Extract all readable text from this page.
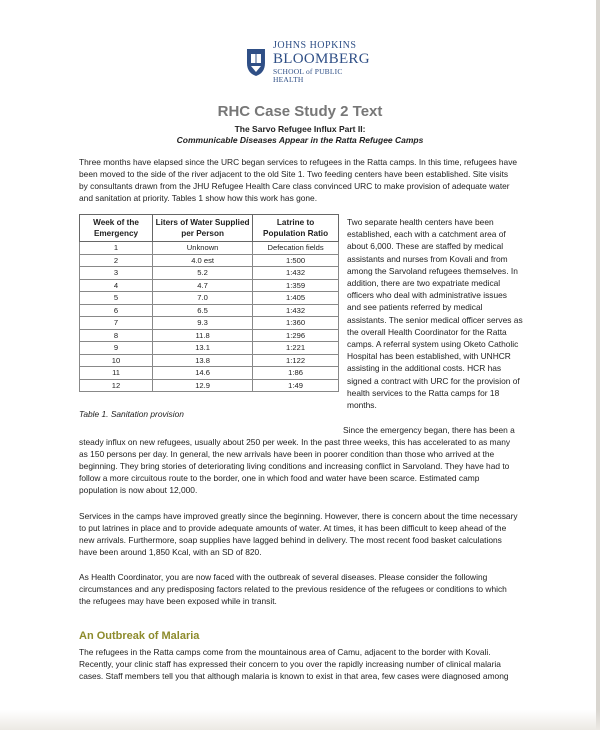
JOHNS HOPKINS
BLOOMBERG
SCHOOL of PUBLIC HEALTH
RHC Case Study 2 Text
The Sarvo Refugee Influx Part II:
Communicable Diseases Appear in the Ratta Refugee Camps

Three months have elapsed since the URC began services to refugees in the Ratta camps. In this time, refugees have been moved to the side of the river adjacent to the old Site 1. Two feeding centers have been established. Site visits by consultants drawn from the JHU Refugee Health Care class convinced URC to make provision of adequate water and sanitation at priority. Tables 1 show how this work has gone.

Week of the Emergency	Liters of Water Supplied per Person	Latrine to Population Ratio
1	Unknown	Defecation fields
2	4.0 est	1:500
3	5.2	1:432
4	4.7	1:359
5	7.0	1:405
6	6.5	1:432
7	9.3	1:360
8	11.8	1:296
9	13.1	1:221
10	13.8	1:122
11	14.6	1:86
12	12.9	1:49
Table 1. Sanitation provision

Two separate health centers have been established, each with a catchment area of about 6,000. These are staffed by medical assistants and nurses from Kovali and from among the Sarvoland refugees themselves. In addition, there are two expatriate medical officers who deal with administrative issues and see patients referred by medical assistants. The senior medical officer serves as the overall Health Coordinator for the Ratta camps. A referral system using Oketo Catholic Hospital has been established, with UNHCR assisting in the additional costs. HCR has signed a contract with URC for the provision of health services to the Ratta camps for 18 months.

Since the emergency began, there has been a steady influx on new refugees, usually about 250 per week. In the past three weeks, this has accelerated to as many as 150 persons per day. In general, the new arrivals have been in poorer condition than those who arrived at the beginning. They bring stories of deteriorating living conditions and increasing conflict in Sarvoland. They have had to follow a more circuitous route to the border, one in which food and water have been scarce. Estimated camp population is now about 12,000.

Services in the camps have improved greatly since the beginning. However, there is concern about the time necessary to put latrines in place and to provide adequate amounts of water. At times, it has been difficult to keep ahead of the new arrivals. Furthermore, soap supplies have lagged behind in delivery. The most recent food basket calculations have been around 1,850 Kcal, with an SD of 820.

As Health Coordinator, you are now faced with the outbreak of several diseases. Please consider the following circumstances and any predisposing factors related to the previous residence of the refugees or conditions to which the refugees may have been exposed while in transit.

An Outbreak of Malaria

The refugees in the Ratta camps come from the mountainous area of Camu, adjacent to the border with Kovali. Recently, your clinic staff has expressed their concern to you over the rapidly increasing number of clinical malaria cases. Staff members tell you that although malaria is known to exist in that area, few cases were diagnosed among
